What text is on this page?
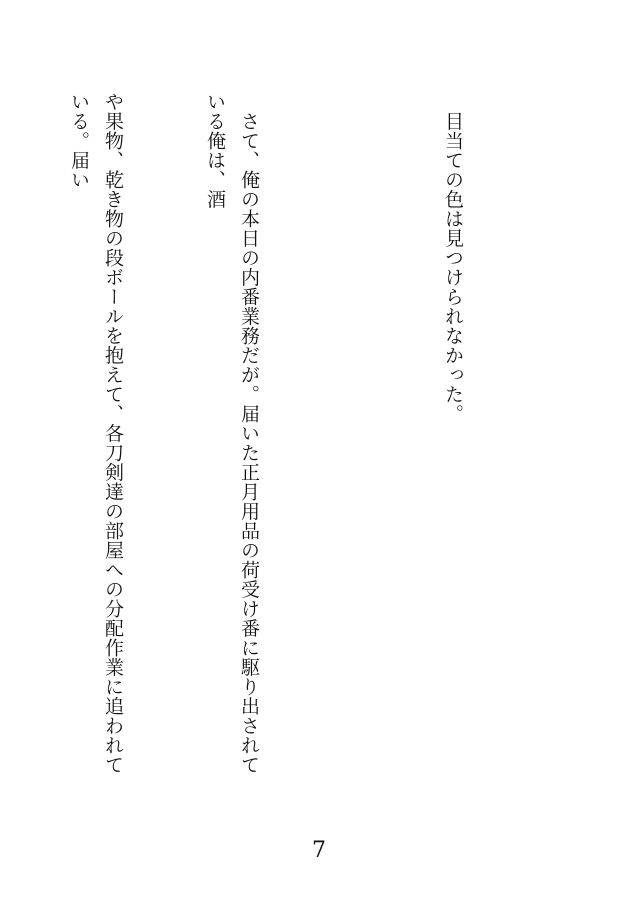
　目当ての色は見つけられなかった。

　さて、俺の本日の内番業務だが。届いた正月用品の荷受け番に駆り出されている俺は、酒

や果物、乾き物の段ボールを抱えて、各刀剣達の部屋への分配作業に追われている。届い

7
